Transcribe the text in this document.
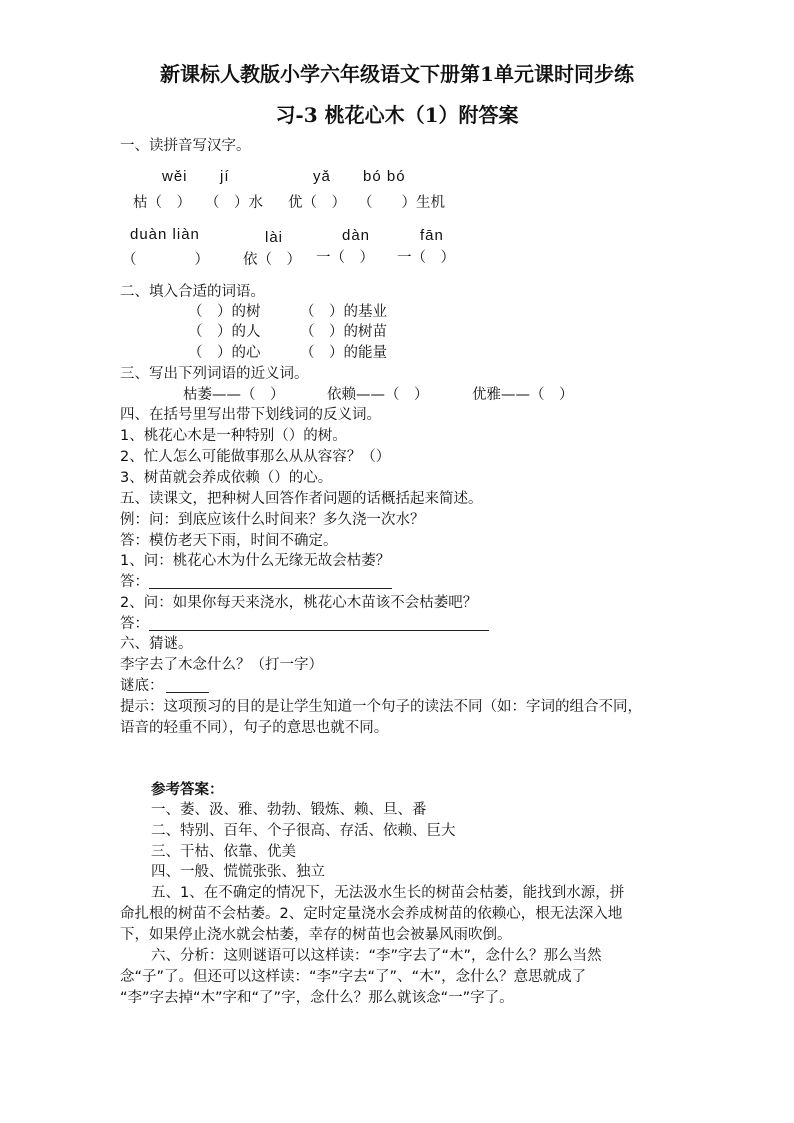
新课标人教版小学六年级语文下册第1单元课时同步练
习-3 桃花心木（1）附答案
一、读拼音写汉字。
wěi jí	yǎ bó bó
枯（　） （　）水 优（　） （　　）生机
duàn liàn	lài	dàn	fān
（　　　　） 依（　） 一（　） 一（　）
二、填入合适的词语。
（　）的树	（　）的基业
（　）的人	（　）的树苗
（　）的心	（　）的能量
三、写出下列词语的近义词。
枯萎——（　）	依赖——（　）	优雅——（　）
四、在括号里写出带下划线词的反义词。
1、桃花心木是一种特别（）的树。
2、忙人怎么可能做事那么从从容容？（）
3、树苗就会养成依赖（）的心。
五、读课文，把种树人回答作者问题的话概括起来简述。
例：问：到底应该什么时间来？多久浇一次水？
答：模仿老天下雨，时间不确定。
1、问：桃花心木为什么无缘无故会枯萎？
答：
2、问：如果你每天来浇水，桃花心木苗该不会枯萎吧？
答：
六、猜谜。
李字去了木念什么？（打一字）
谜底：
提示：这项预习的目的是让学生知道一个句子的读法不同（如：字词的组合不同，
语音的轻重不同），句子的意思也就不同。
参考答案：
一、萎、汲、雅、勃勃、锻炼、赖、旦、番
二、特别、百年、个子很高、存活、依赖、巨大
三、干枯、依靠、优美
四、一般、慌慌张张、独立
五、1、在不确定的情况下，无法汲水生长的树苗会枯萎，能找到水源，拼
命扎根的树苗不会枯萎。2、定时定量浇水会养成树苗的依赖心，根无法深入地
下，如果停止浇水就会枯萎，幸存的树苗也会被暴风雨吹倒。
六、分析：这则谜语可以这样读：“李”字去了“木”，念什么？那么当然
念“子”了。但还可以这样读：“李”字去“了”、“木”，念什么？意思就成了
“李”字去掉“木”字和“了”字，念什么？那么就该念“一”字了。
